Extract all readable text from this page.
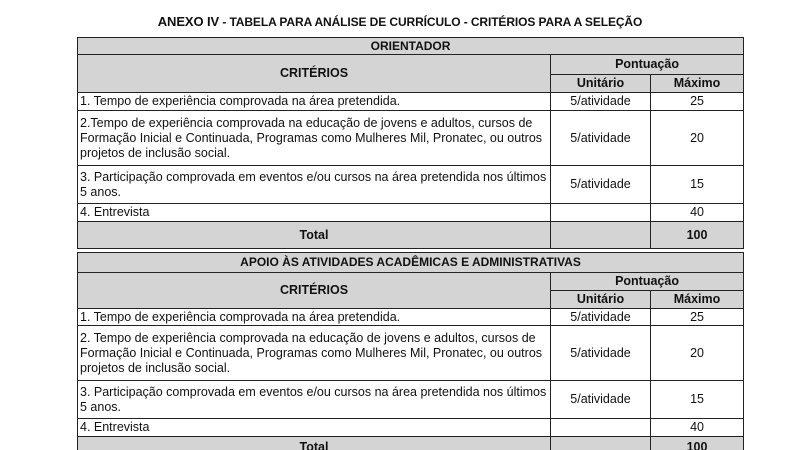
ANEXO IV - TABELA PARA ANÁLISE DE CURRÍCULO - CRITÉRIOS PARA A SELEÇÃO
ORIENTADOR		
CRITÉRIOS	Pontuação	
	Unitário	Máximo
1. Tempo de experiência comprovada na área pretendida.	5/atividade	25
2.Tempo de experiência comprovada na educação de jovens e adultos, cursos de Formação Inicial e Continuada, Programas como Mulheres Mil, Pronatec, ou outros projetos de inclusão social.	5/atividade	20
3. Participação comprovada em eventos e/ou cursos na área pretendida nos últimos 5 anos.	5/atividade	15
4. Entrevista		40
Total		100
APOIO ÀS ATIVIDADES ACADÊMICAS E ADMINISTRATIVAS		
CRITÉRIOS	Pontuação	
	Unitário	Máximo
1. Tempo de experiência comprovada na área pretendida.	5/atividade	25
2. Tempo de experiência comprovada na educação de jovens e adultos, cursos de Formação Inicial e Continuada, Programas como Mulheres Mil, Pronatec, ou outros projetos de inclusão social.	5/atividade	20
3. Participação comprovada em eventos e/ou cursos na área pretendida nos últimos 5 anos.	5/atividade	15
4. Entrevista		40
Total		100
